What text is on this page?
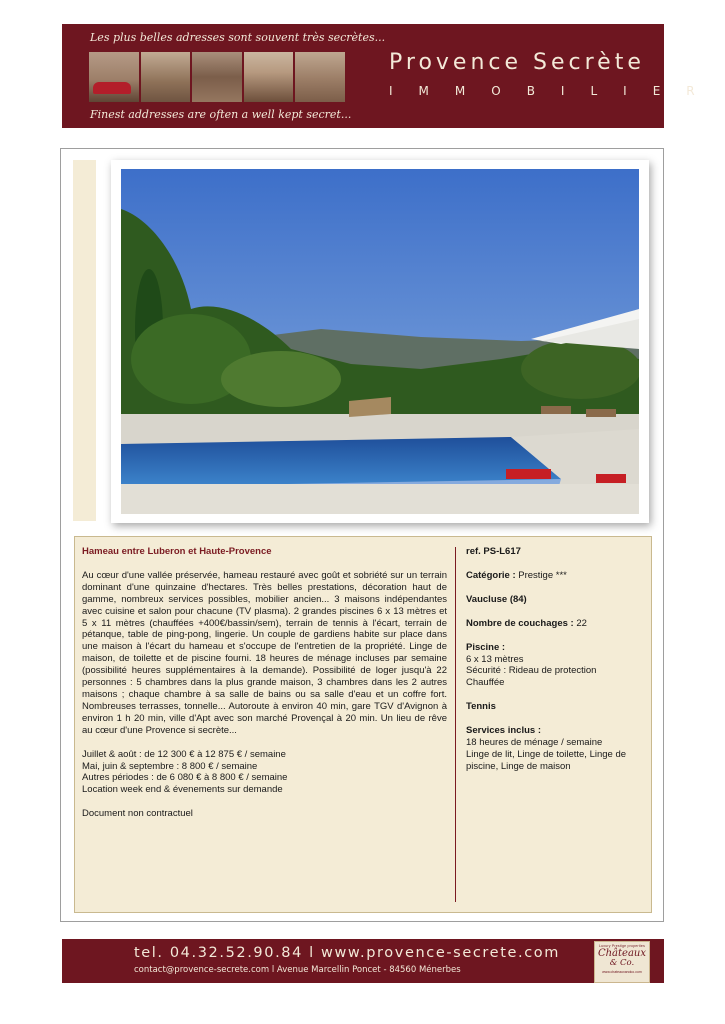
Les plus belles adresses sont souvent très secrètes...
Provence Secrète
IMMOBILIER
Finest addresses are often a well kept secret...
Hameau entre Luberon et Haute-Provence

Au cœur d'une vallée préservée, hameau restauré avec goût et sobriété sur un terrain dominant d'une quinzaine d'hectares. Très belles prestations, décoration haut de gamme, nombreux services possibles, mobilier ancien... 3 maisons indépendantes avec cuisine et salon pour chacune (TV plasma). 2 grandes piscines 6 x 13 mètres et 5 x 11 mètres (chauffées +400€/bassin/sem), terrain de tennis à l'écart, terrain de pétanque, table de ping-pong, lingerie. Un couple de gardiens habite sur place dans une maison à l'écart du hameau et s'occupe de l'entretien de la propriété. Linge de maison, de toilette et de piscine fourni. 18 heures de ménage incluses par semaine (possibilité heures supplémentaires à la demande). Possibilité de loger jusqu'à 22 personnes : 5 chambres dans la plus grande maison, 3 chambres dans les 2 autres maisons ; chaque chambre à sa salle de bains ou sa salle d'eau et un coffre fort. Nombreuses terrasses, tonnelle... Autoroute à environ 40 min, gare TGV d'Avignon à environ 1 h 20 min, ville d'Apt avec son marché Provençal à 20 min. Un lieu de rêve au cœur d'une Provence si secrète...

Juillet & août : de 12 300 € à 12 875 € / semaine
Mai, juin & septembre : 8 800 € / semaine
Autres périodes : de 6 080 € à 8 800 € / semaine
Location week end & évenements sur demande
Document non contractuel
ref. PS-L617
Catégorie : Prestige ***
Vaucluse (84)
Nombre de couchages : 22
Piscine :
6 x 13 mètres
Sécurité : Rideau de protection
Chauffée
Tennis
Services inclus :
18 heures de ménage / semaine
Linge de lit, Linge de toilette, Linge de piscine, Linge de maison
tel. 04.32.52.90.84 l www.provence-secrete.com
contact@provence-secrete.com l Avenue Marcellin Poncet - 84560 Ménerbes
Luxury Prestige properties
Châteaux
& Co.
www.chateauxandco.com
